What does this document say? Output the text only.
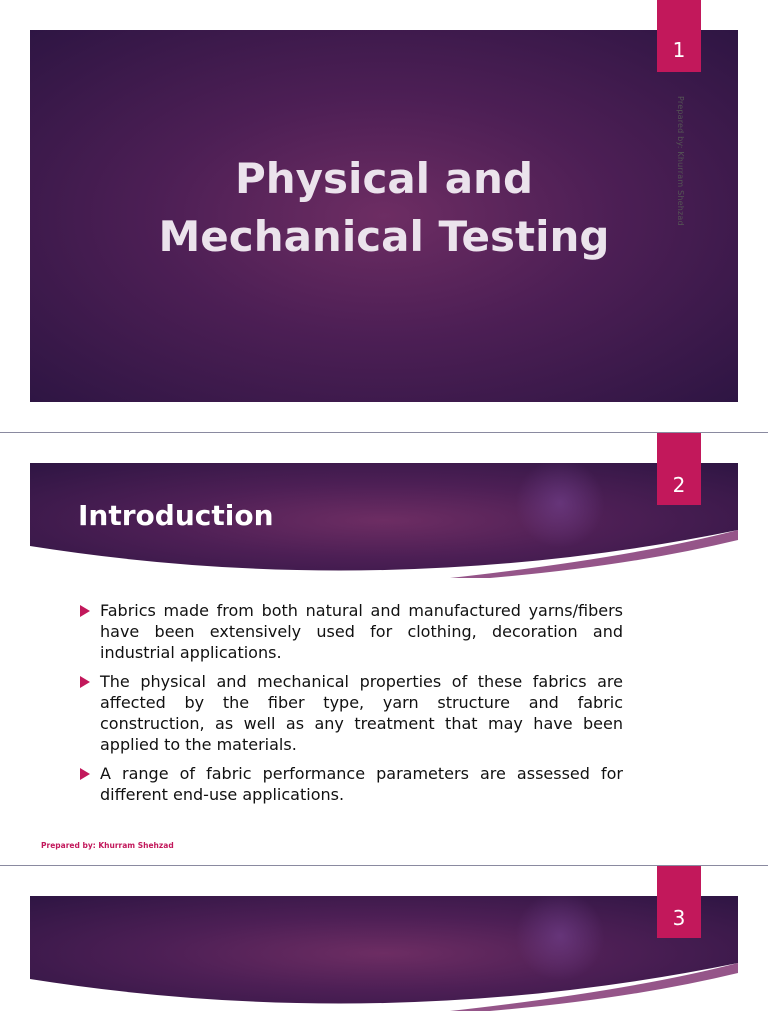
Physical and
Mechanical Testing
1
Prepared by: Khurram Shehzad
Introduction
2
Fabrics made from both natural and manufactured yarns/fibers have been extensively used for clothing, decoration and industrial applications.
The physical and mechanical properties of these fabrics are affected by the fiber type, yarn structure and fabric construction, as well as any treatment that may have been applied to the materials.
A range of fabric performance parameters are assessed for different end-use applications.
Prepared by: Khurram Shehzad
3
